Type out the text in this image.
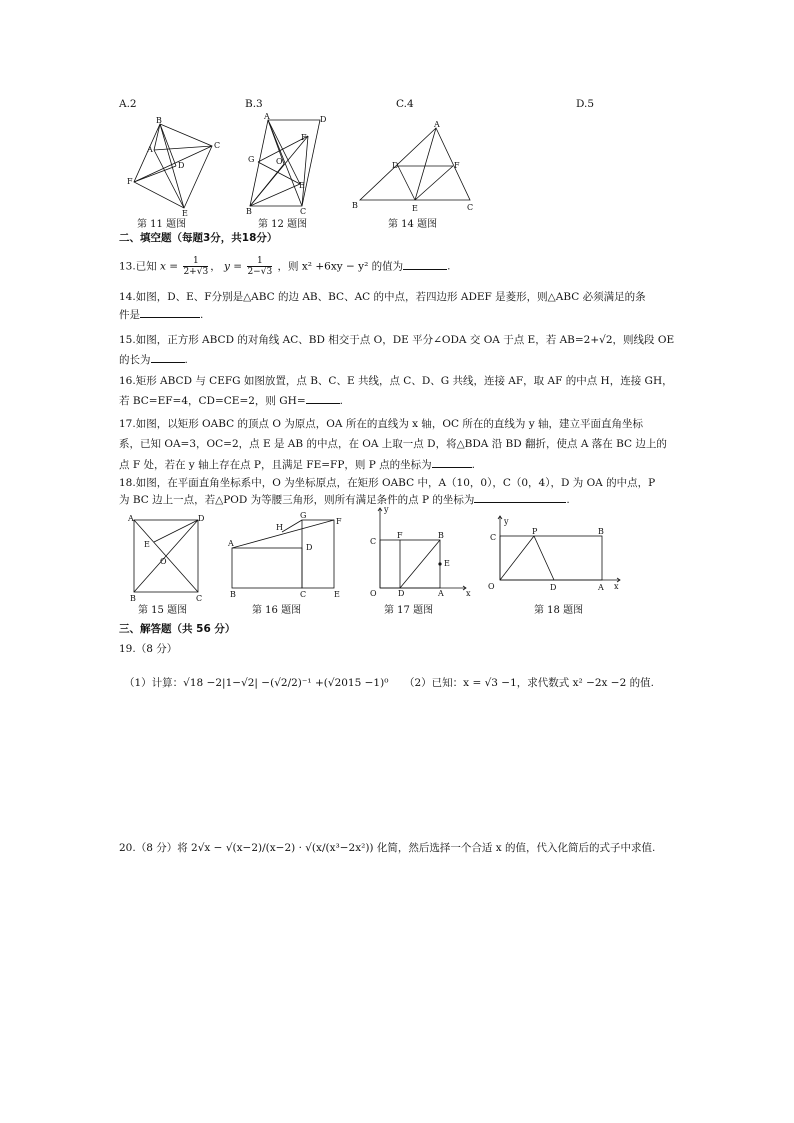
A.2	B.3	C.4	D.5
B
C
A
D
F
E
第 11 题图
A	D
F
G	O
E
B	C
第 12 题图
A
D	F
B	E	C
第 14 题图
二、填空题（每题3分，共18分）
13.已知 $x = \frac{1}{2+√3}$ ， $y = \frac{1}{2-√3}$ ，则 x² +6xy − y² 的值为	.
14.如图，D、E、F分别是△ABC 的边 AB、BC、AC 的中点，若四边形 ADEF 是菱形，则△ABC 必须满足的条
件是	.
15.如图，正方形 ABCD 的对角线 AC、BD 相交于点 O，DE 平分∠ODA 交 OA 于点 E，若 AB=2+√2，则线段 OE
的长为	.
16.矩形 ABCD 与 CEFG 如图放置，点 B、C、E 共线，点 C、D、G 共线，连接 AF，取 AF 的中点 H，连接 GH，
若 BC=EF=4，CD=CE=2，则 GH=	.
17.如图，以矩形 OABC 的顶点 O 为原点，OA 所在的直线为 x 轴，OC 所在的直线为 y 轴，建立平面直角坐标
系，已知 OA=3，OC=2，点 E 是 AB 的中点，在 OA 上取一点 D，将△BDA 沿 BD 翻折，使点 A 落在 BC 边上的
点 F 处，若在 y 轴上存在点 P，且满足 FE=FP，则 P 点的坐标为	.
18.如图，在平面直角坐标系中，O 为坐标原点，在矩形 OABC 中，A（10，0），C（0，4），D 为 OA 的中点，P
为 BC 边上一点，若△POD 为等腰三角形，则所有满足条件的点 P 的坐标为	.
A	D
E
O
B	C
第 15 题图
G
F
H
A	D
B	C	E
第 16 题图
y
C
F	B
E
O	D	A	x
第 17 题图
y
C
P	B
O	D	A x
第 18 题图
三、解答题（共 56 分）
19.（8 分）
（1）计算：√18 −2|1−√2| −(√2/2)⁻¹ +(√2015 −1)⁰ （2）已知：x = √3 −1，求代数式 x² −2x −2 的值.
20.（8 分）将 2√x − √(x−2)/(x−2) · √(x/(x³−2x²)) 化简，然后选择一个合适 x 的值，代入化简后的式子中求值.
